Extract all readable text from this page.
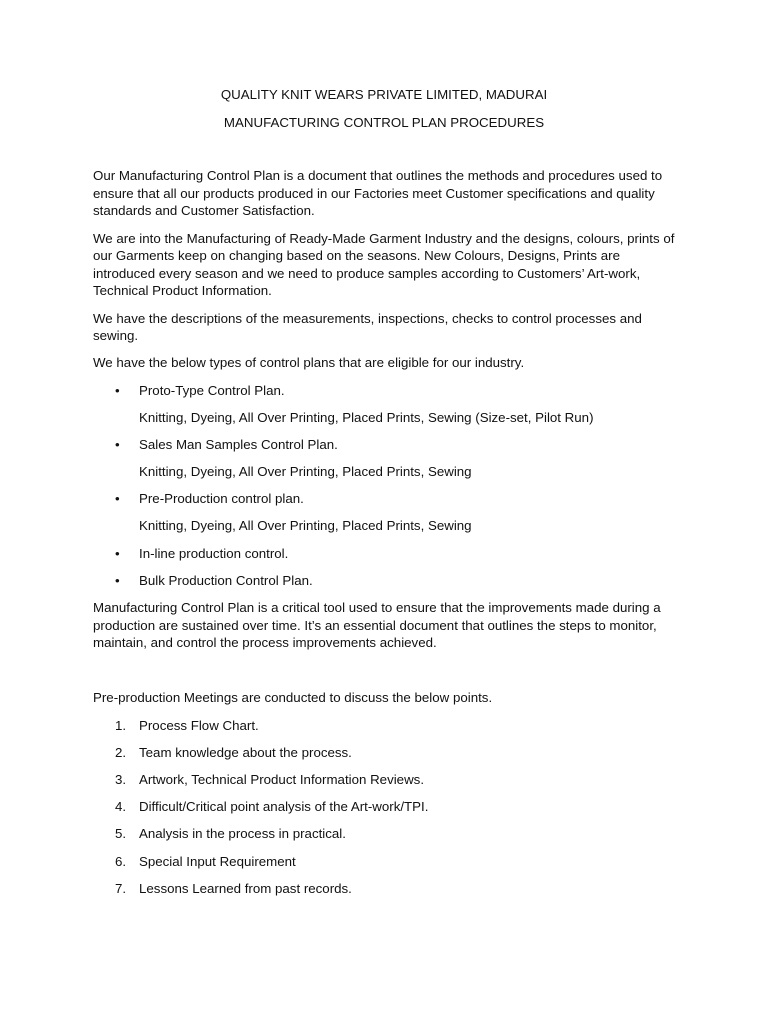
QUALITY KNIT WEARS PRIVATE LIMITED, MADURAI

MANUFACTURING CONTROL PLAN PROCEDURES

Our Manufacturing Control Plan is a document that outlines the methods and procedures used to ensure that all our products produced in our Factories meet Customer specifications and quality standards and Customer Satisfaction.

We are into the Manufacturing of Ready-Made Garment Industry and the designs, colours, prints of our Garments keep on changing based on the seasons. New Colours, Designs, Prints are introduced every season and we need to produce samples according to Customers’ Art-work, Technical Product Information.

We have the descriptions of the measurements, inspections, checks to control processes and sewing.

We have the below types of control plans that are eligible for our industry.

• Proto-Type Control Plan.

Knitting, Dyeing, All Over Printing, Placed Prints, Sewing (Size-set, Pilot Run)

• Sales Man Samples Control Plan.

Knitting, Dyeing, All Over Printing, Placed Prints, Sewing

• Pre-Production control plan.

Knitting, Dyeing, All Over Printing, Placed Prints, Sewing

• In-line production control.
• Bulk Production Control Plan.

Manufacturing Control Plan is a critical tool used to ensure that the improvements made during a production are sustained over time. It’s an essential document that outlines the steps to monitor, maintain, and control the process improvements achieved.

Pre-production Meetings are conducted to discuss the below points.

1. Process Flow Chart.
2. Team knowledge about the process.
3. Artwork, Technical Product Information Reviews.
4. Difficult/Critical point analysis of the Art-work/TPI.
5. Analysis in the process in practical.
6. Special Input Requirement
7. Lessons Learned from past records.
